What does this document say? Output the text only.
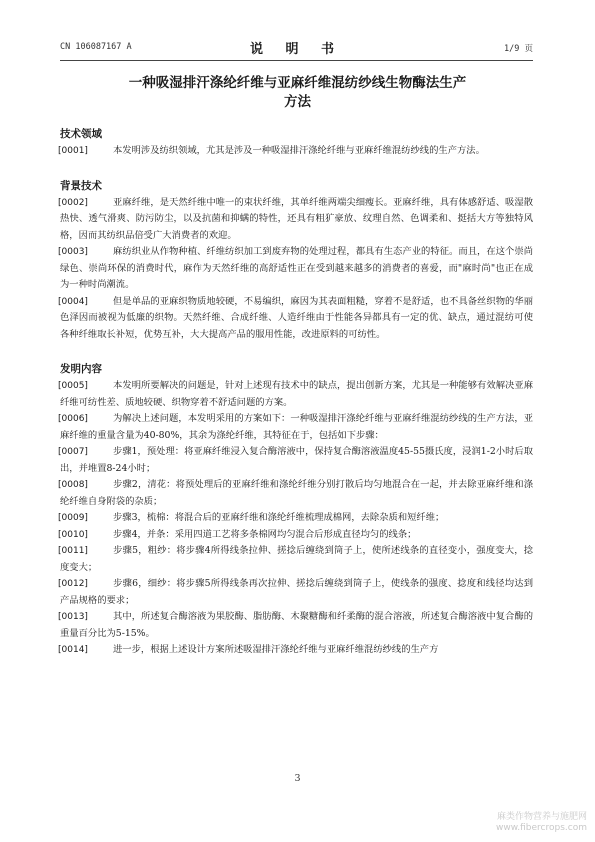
CN 106087167 A	说 明 书	1/9 页
一种吸湿排汗涤纶纤维与亚麻纤维混纺纱线生物酶法生产
方法
技术领域

[0001]	本发明涉及纺织领域，尤其是涉及一种吸湿排汗涤纶纤维与亚麻纤维混纺纱线的生产方法。

背景技术

[0002]	亚麻纤维，是天然纤维中唯一的束状纤维，其单纤维两端尖细瘦长。亚麻纤维，具有体感舒适、吸湿散热快、透气滑爽、防污防尘，以及抗菌和抑螨的特性，还具有粗犷豪放、纹理自然、色调柔和、挺括大方等独特风格，因而其纺织品倍受广大消费者的欢迎。

[0003]	麻纺织业从作物种植、纤维纺织加工到废弃物的处理过程，都具有生态产业的特征。而且，在这个崇尚绿色、崇尚环保的消费时代，麻作为天然纤维的高舒适性正在受到越来越多的消费者的喜爱，而"麻时尚"也正在成为一种时尚潮流。

[0004]	但是单品的亚麻织物质地较硬，不易编织，麻因为其表面粗糙，穿着不是舒适，也不具备丝织物的华丽色泽因而被视为低廉的织物。天然纤维、合成纤维、人造纤维由于性能各异都具有一定的优、缺点，通过混纺可使各种纤维取长补短，优势互补，大大提高产品的服用性能，改进原料的可纺性。

发明内容

[0005]	本发明所要解决的问题是，针对上述现有技术中的缺点，提出创新方案，尤其是一种能够有效解决亚麻纤维可纺性差、质地较硬、织物穿着不舒适问题的方案。

[0006]	为解决上述问题，本发明采用的方案如下：一种吸湿排汗涤纶纤维与亚麻纤维混纺纱线的生产方法，亚麻纤维的重量含量为40-80%，其余为涤纶纤维，其特征在于，包括如下步骤：

[0007]	步骤1，预处理：将亚麻纤维浸入复合酶溶液中，保持复合酶溶液温度45-55摄氏度，浸润1-2小时后取出，并堆置8-24小时；

[0008]	步骤2，清花：将预处理后的亚麻纤维和涤纶纤维分别打散后均匀地混合在一起，并去除亚麻纤维和涤纶纤维自身附袋的杂质；

[0009]	步骤3，梳棉：将混合后的亚麻纤维和涤纶纤维梳理成棉网，去除杂质和短纤维；

[0010]	步骤4，并条：采用四道工艺将多条棉网均匀混合后形成直径均匀的线条；

[0011]	步骤5，粗纱：将步骤4所得线条拉伸、搓捻后缠绕到筒子上，使所述线条的直径变小，强度变大，捻度变大；

[0012]	步骤6，细纱：将步骤5所得线条再次拉伸、搓捻后缠绕到筒子上，使线条的强度、捻度和线径均达到产品规格的要求；

[0013]	其中，所述复合酶溶液为果胶酶、脂肪酶、木聚糖酶和纤柔酶的混合溶液，所述复合酶溶液中复合酶的重量百分比为5-15%。

[0014]	进一步，根据上述设计方案所述吸湿排汗涤纶纤维与亚麻纤维混纺纱线的生产方

3
麻类作物营养与施肥网
www.fibercrops.com
